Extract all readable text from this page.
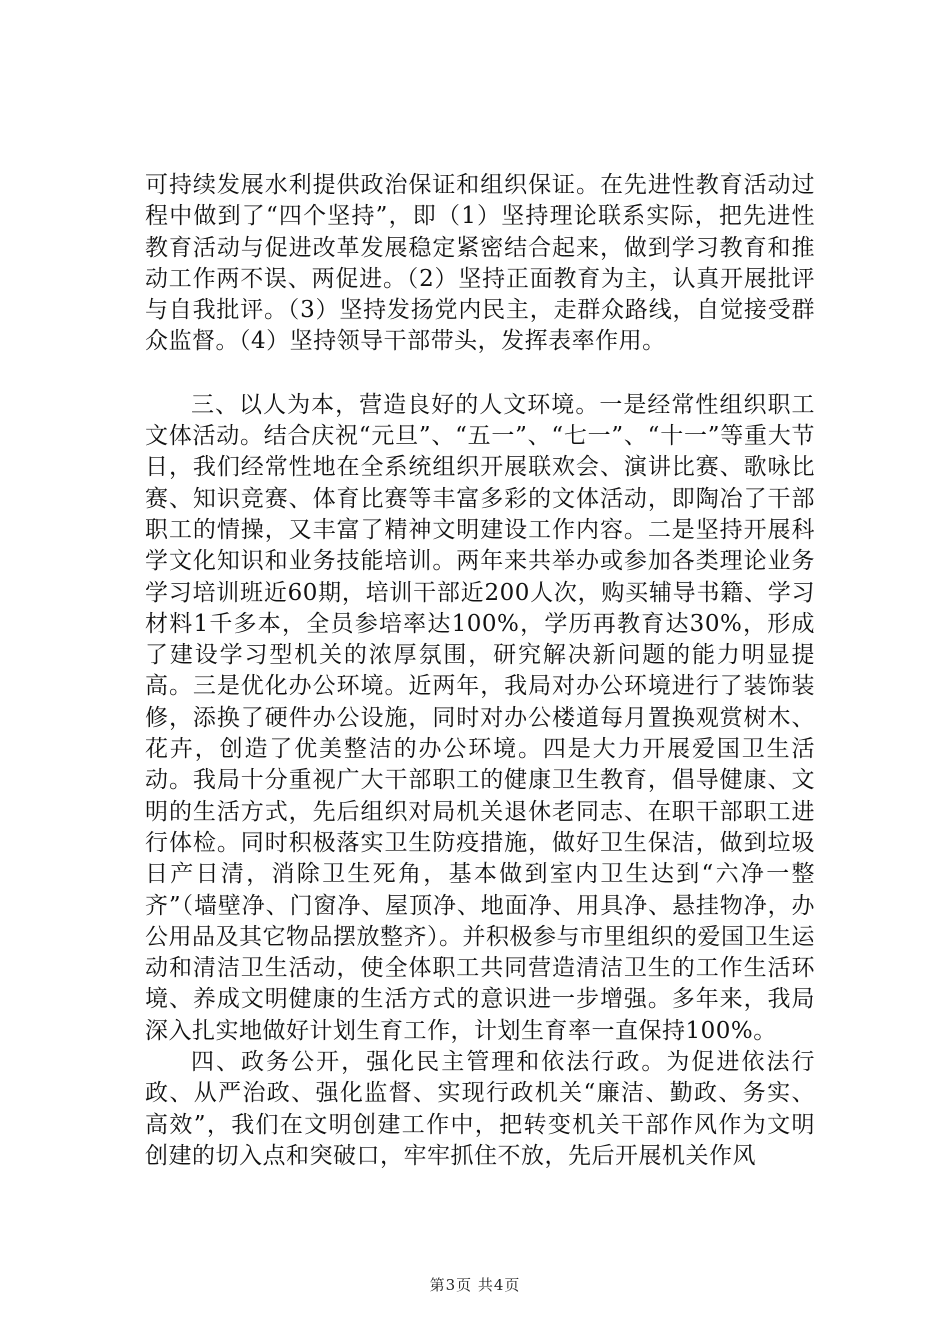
可持续发展水利提供政治保证和组织保证。在先进性教育活动过程中做到了“四个坚持”，即（1）坚持理论联系实际，把先进性教育活动与促进改革发展稳定紧密结合起来，做到学习教育和推动工作两不误、两促进。（2）坚持正面教育为主，认真开展批评与自我批评。（3）坚持发扬党内民主，走群众路线，自觉接受群众监督。（4）坚持领导干部带头，发挥表率作用。

三、以人为本，营造良好的人文环境。一是经常性组织职工文体活动。结合庆祝“元旦”、“五一”、“七一”、“十一”等重大节日，我们经常性地在全系统组织开展联欢会、演讲比赛、歌咏比赛、知识竞赛、体育比赛等丰富多彩的文体活动，即陶冶了干部职工的情操，又丰富了精神文明建设工作内容。二是坚持开展科学文化知识和业务技能培训。两年来共举办或参加各类理论业务学习培训班近60期，培训干部近200人次，购买辅导书籍、学习材料1千多本，全员参培率达100%，学历再教育达30%，形成了建设学习型机关的浓厚氛围，研究解决新问题的能力明显提高。三是优化办公环境。近两年，我局对办公环境进行了装饰装修，添换了硬件办公设施，同时对办公楼道每月置换观赏树木、花卉，创造了优美整洁的办公环境。四是大力开展爱国卫生活动。我局十分重视广大干部职工的健康卫生教育，倡导健康、文明的生活方式，先后组织对局机关退休老同志、在职干部职工进行体检。同时积极落实卫生防疫措施，做好卫生保洁，做到垃圾日产日清，消除卫生死角，基本做到室内卫生达到“六净一整齐”（墙壁净、门窗净、屋顶净、地面净、用具净、悬挂物净，办公用品及其它物品摆放整齐）。并积极参与市里组织的爱国卫生运动和清洁卫生活动，使全体职工共同营造清洁卫生的工作生活环境、养成文明健康的生活方式的意识进一步增强。多年来，我局深入扎实地做好计划生育工作，计划生育率一直保持100%。

四、政务公开，强化民主管理和依法行政。为促进依法行政、从严治政、强化监督、实现行政机关“廉洁、勤政、务实、高效”，我们在文明创建工作中，把转变机关干部作风作为文明创建的切入点和突破口，牢牢抓住不放，先后开展机关作风

第3页 共4页
